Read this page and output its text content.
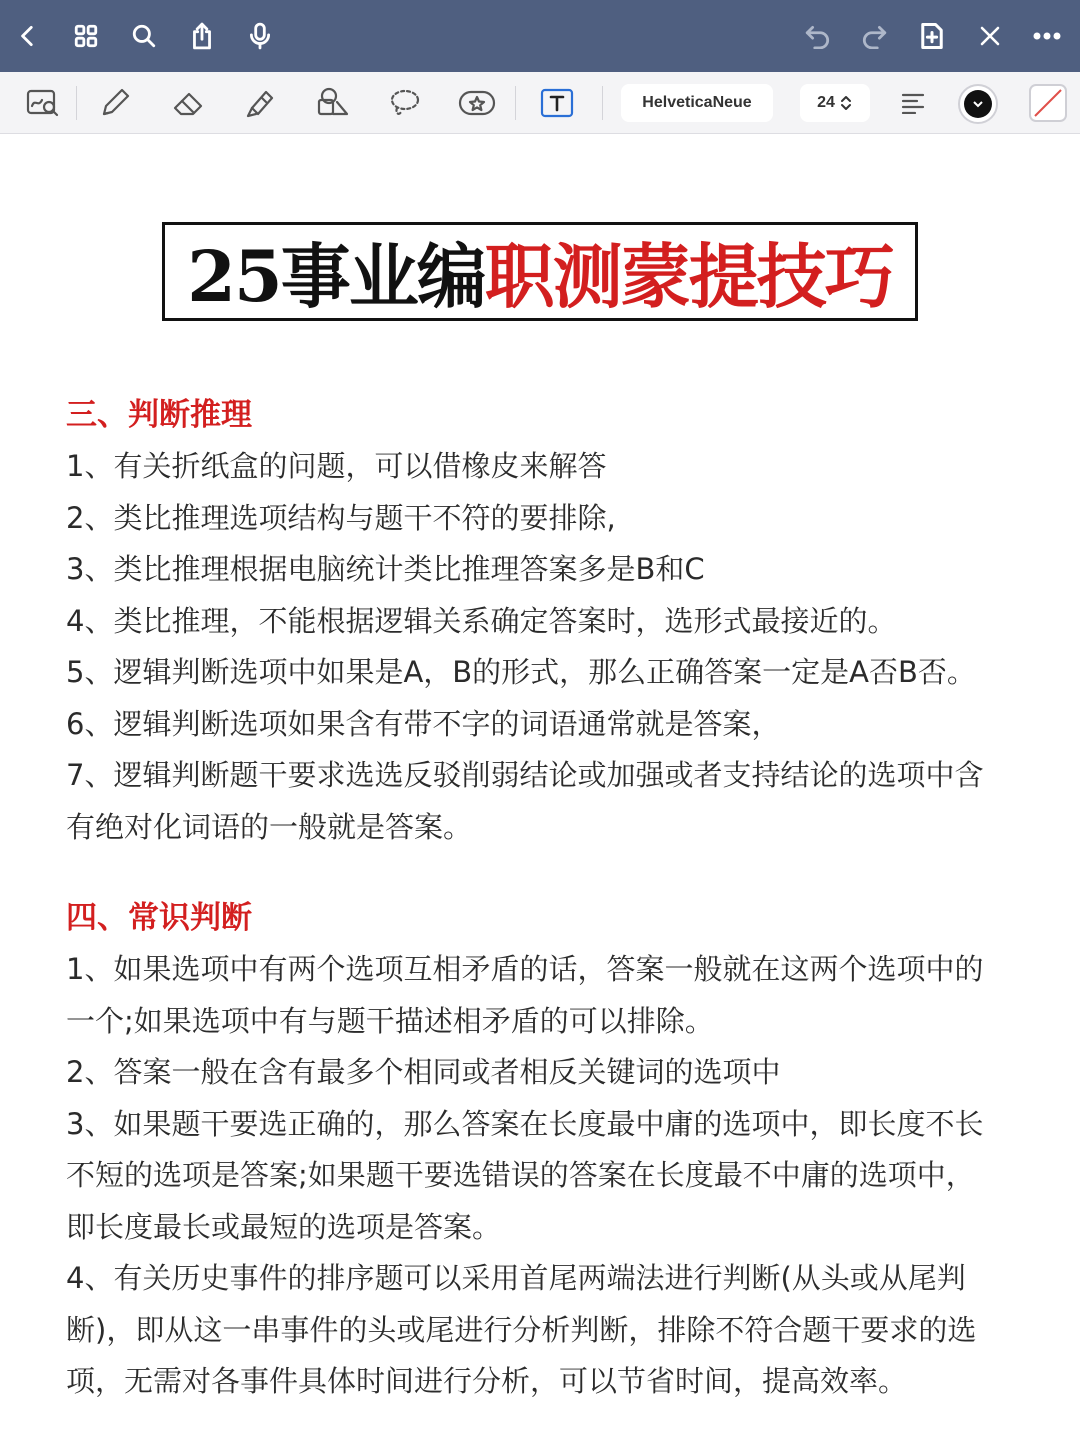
HelveticaNeue	24
25事业编 职测蒙提技巧
三、判断推理
1、有关折纸盒的问题，可以借橡皮来解答
2、类比推理选项结构与题干不符的要排除,
3、类比推理根据电脑统计类比推理答案多是B和C
4、类比推理，不能根据逻辑关系确定答案时，选形式最接近的。
5、逻辑判断选项中如果是A，B的形式，那么正确答案一定是A否B否。
6、逻辑判断选项如果含有带不字的词语通常就是答案，
7、逻辑判断题干要求选选反驳削弱结论或加强或者支持结论的选项中含
有绝对化词语的一般就是答案。
四、常识判断
1、如果选项中有两个选项互相矛盾的话，答案一般就在这两个选项中的
一个;如果选项中有与题干描述相矛盾的可以排除。
2、答案一般在含有最多个相同或者相反关键词的选项中
3、如果题干要选正确的，那么答案在长度最中庸的选项中，即长度不长
不短的选项是答案;如果题干要选错误的答案在长度最不中庸的选项中，
即长度最长或最短的选项是答案。
4、有关历史事件的排序题可以采用首尾两端法进行判断(从头或从尾判
断)，即从这一串事件的头或尾进行分析判断，排除不符合题干要求的选
项，无需对各事件具体时间进行分析，可以节省时间，提高效率。
